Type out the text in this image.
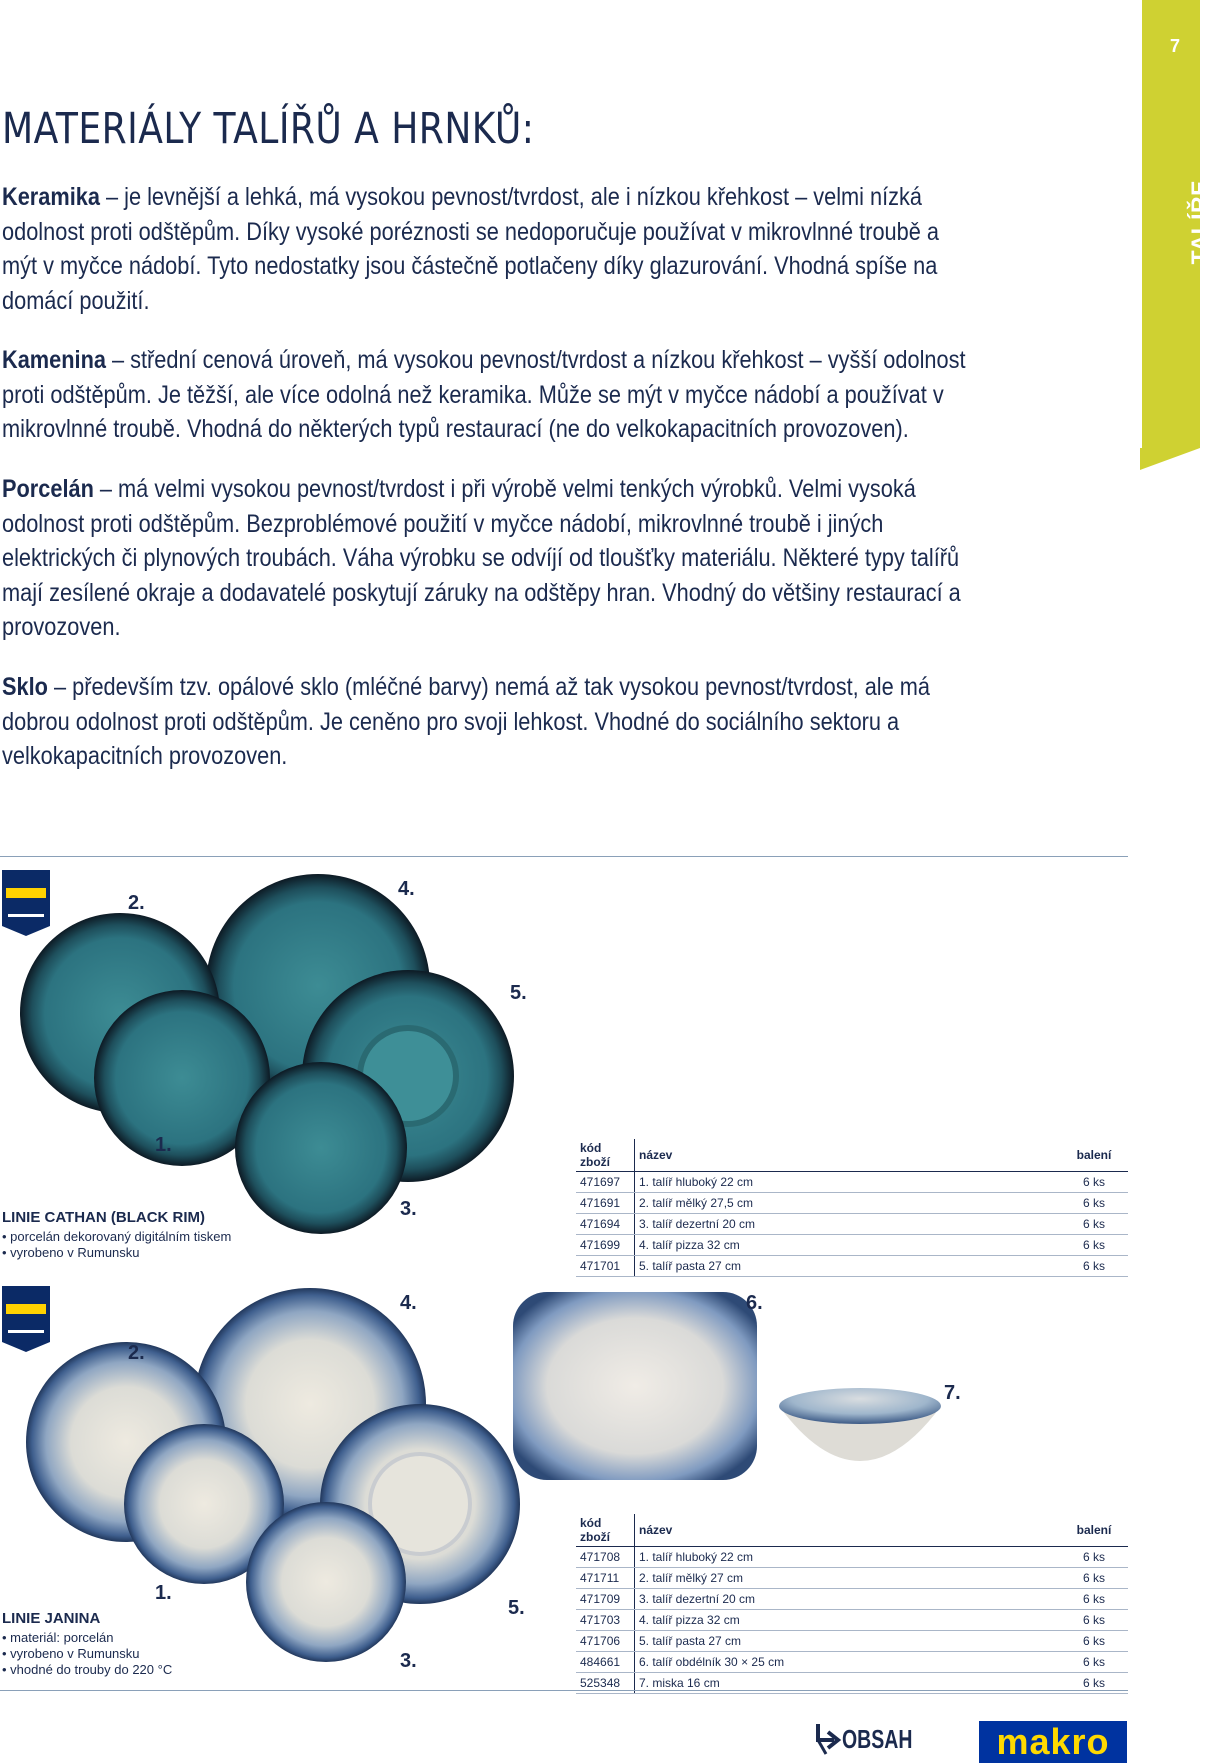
7
TALÍŘE
MATERIÁLY TALÍŘŮ A HRNKŮ:

Keramika – je levnější a lehká, má vysokou pevnost/tvrdost, ale i nízkou křehkost – velmi nízká odolnost proti odštěpům. Díky vysoké poréznosti se nedoporučuje používat v mikrovlnné troubě a mýt v myčce nádobí. Tyto nedostatky jsou částečně potlačeny díky glazurování. Vhodná spíše na domácí použití.

Kamenina – střední cenová úroveň, má vysokou pevnost/tvrdost a nízkou křehkost – vyšší odolnost proti odštěpům. Je těžší, ale více odolná než keramika. Může se mýt v myčce nádobí a používat v mikrovlnné troubě. Vhodná do některých typů restaurací (ne do velkokapacitních provozoven).

Porcelán – má velmi vysokou pevnost/tvrdost i při výrobě velmi tenkých výrobků. Velmi vysoká odolnost proti odštěpům. Bezproblémové použití v myčce nádobí, mikrovlnné troubě i jiných elektrických či plynových troubách. Váha výrobku se odvíjí od tloušťky materiálu. Některé typy talířů mají zesílené okraje a dodavatelé poskytují záruky na odštěpy hran. Vhodný do většiny restaurací a provozoven.

Sklo – především tzv. opálové sklo (mléčné barvy) nemá až tak vysokou pevnost/tvrdost, ale má dobrou odolnost proti odštěpům. Je ceněno pro svoji lehkost. Vhodné do sociálního sektoru a velkokapacitních provozoven.

2.
4.
5.
1.
3.
LINIE CATHAN (BLACK RIM)
• porcelán dekorovaný digitálním tiskem
• vyrobeno v Rumunsku
kód zboží	název	balení
471697	1. talíř hluboký 22 cm	6 ks
471691	2. talíř mělký 27,5 cm	6 ks
471694	3. talíř dezertní 20 cm	6 ks
471699	4. talíř pizza 32 cm	6 ks
471701	5. talíř pasta 27 cm	6 ks
2.
4.	6.
7.
1.
5.
3.
LINIE JANINA
• materiál: porcelán
• vyrobeno v Rumunsku
• vhodné do trouby do 220 °C
kód zboží	název	balení
471708	1. talíř hluboký 22 cm	6 ks
471711	2. talíř mělký 27 cm	6 ks
471709	3. talíř dezertní 20 cm	6 ks
471703	4. talíř pizza 32 cm	6 ks
471706	5. talíř pasta 27 cm	6 ks
484661	6. talíř obdélník 30 × 25 cm	6 ks
525348	7. miska 16 cm	6 ks
OBSAH	makro
